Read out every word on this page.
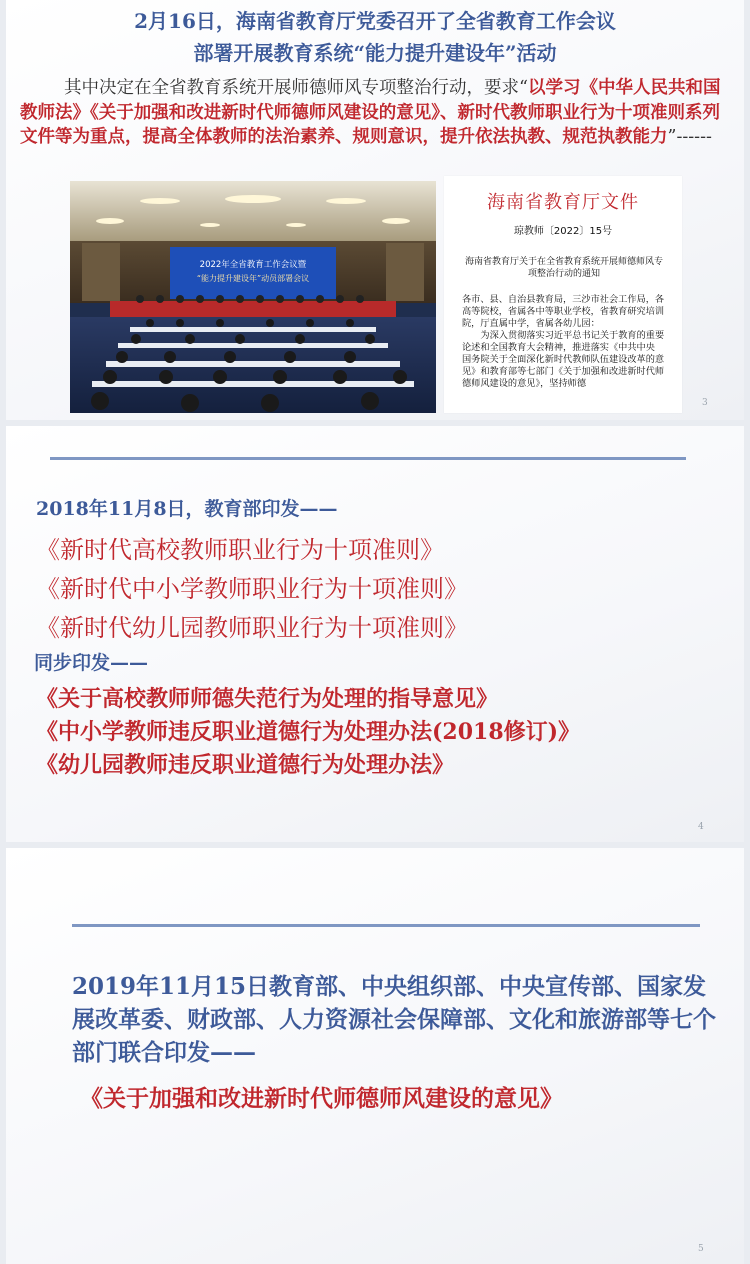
2月16日，海南省教育厅党委召开了全省教育工作会议
部署开展教育系统“能力提升建设年”活动
其中决定在全省教育系统开展师德师风专项整治行动，要求“以学习《中华人民共和国教师法》《关于加强和改进新时代师德师风建设的意见》、新时代教师职业行为十项准则系列文件等为重点，提高全体教师的法治素养、规则意识，提升依法执教、规范执教能力”------
2022年全省教育工作会议暨
“能力提升建设年”动员部署会议
海南省教育厅文件
琼教师〔2022〕15号
海南省教育厅关于在全省教育系统开展师德师风专项整治行动的通知
各市、县、自治县教育局，三沙市社会工作局，各高等院校，省属各中等职业学校，省教育研究培训院，厅直属中学，省属各幼儿园：
为深入贯彻落实习近平总书记关于教育的重要论述和全国教育大会精神，推进落实《中共中央 国务院关于全面深化新时代教师队伍建设改革的意见》和教育部等七部门《关于加强和改进新时代师德师风建设的意见》，坚持师德
3
2018年11月8日，教育部印发——
《新时代高校教师职业行为十项准则》
《新时代中小学教师职业行为十项准则》
《新时代幼儿园教师职业行为十项准则》
同步印发——
《关于高校教师师德失范行为处理的指导意见》
《中小学教师违反职业道德行为处理办法(2018修订)》
《幼儿园教师违反职业道德行为处理办法》
4
2019年11月15日教育部、中央组织部、中央宣传部、国家发展改革委、财政部、人力资源社会保障部、文化和旅游部等七个部门联合印发——
《关于加强和改进新时代师德师风建设的意见》
5
